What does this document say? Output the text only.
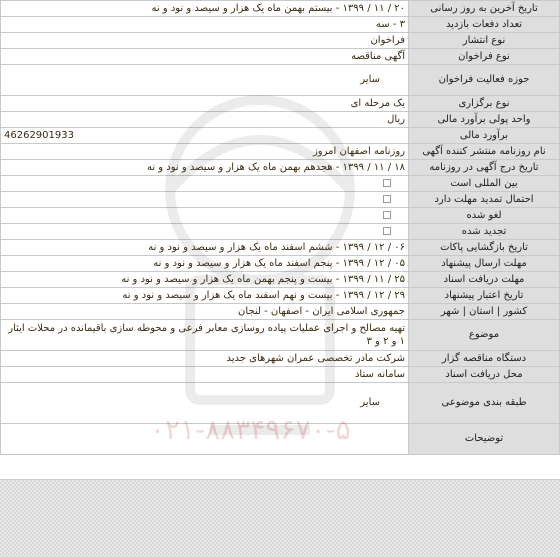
تاریخ آخرین به روز رسانی	۲۰ / ۱۱ / ۱۳۹۹ - بیستم بهمن ماه یک هزار و سیصد و نود و نه
تعداد دفعات بازدید	۳ - سه
نوع انتشار	فراخوان
نوع فراخوان	آگهی مناقصه
حوزه فعالیت فراخوان	سایر
نوع برگزاری	یک مرحله ای
واحد پولی برآورد مالی	ریال
برآورد مالی	46262901933
نام روزنامه منتشر کننده آگهی	روزنامه اصفهان امروز
تاریخ درج آگهی در روزنامه	۱۸ / ۱۱ / ۱۳۹۹ - هجدهم بهمن ماه یک هزار و سیصد و نود و نه
بین المللی است	
احتمال تمدید مهلت دارد	
لغو شده	
تجدید شده	
تاریخ بازگشایی پاکات	۰۶ / ۱۲ / ۱۳۹۹ - ششم اسفند ماه یک هزار و سیصد و نود و نه
مهلت ارسال پیشنهاد	۰۵ / ۱۲ / ۱۳۹۹ - پنجم اسفند ماه یک هزار و سیصد و نود و نه
مهلت دریافت اسناد	۲۵ / ۱۱ / ۱۳۹۹ - بیست و پنجم بهمن ماه یک هزار و سیصد و نود و نه
تاریخ اعتبار پیشنهاد	۲۹ / ۱۲ / ۱۳۹۹ - بیست و نهم اسفند ماه یک هزار و سیصد و نود و نه
کشور | استان | شهر	جمهوری اسلامی ایران - اصفهان - لنجان
موضوع	تهیه مصالح و اجرای عملیات پیاده روسازی معابر فرعی و محوطه سازی باقیمانده در محلات ایثار ۱ و ۲ و ۳
دستگاه مناقصه گزار	شرکت مادر تخصصی عمران شهرهای جدید
محل دریافت اسناد	سامانه ستاد
طبقه بندی موضوعی	سایر
توضیحات	
۰۲۱-۸۸۳۴۹۶۷۰-۵
